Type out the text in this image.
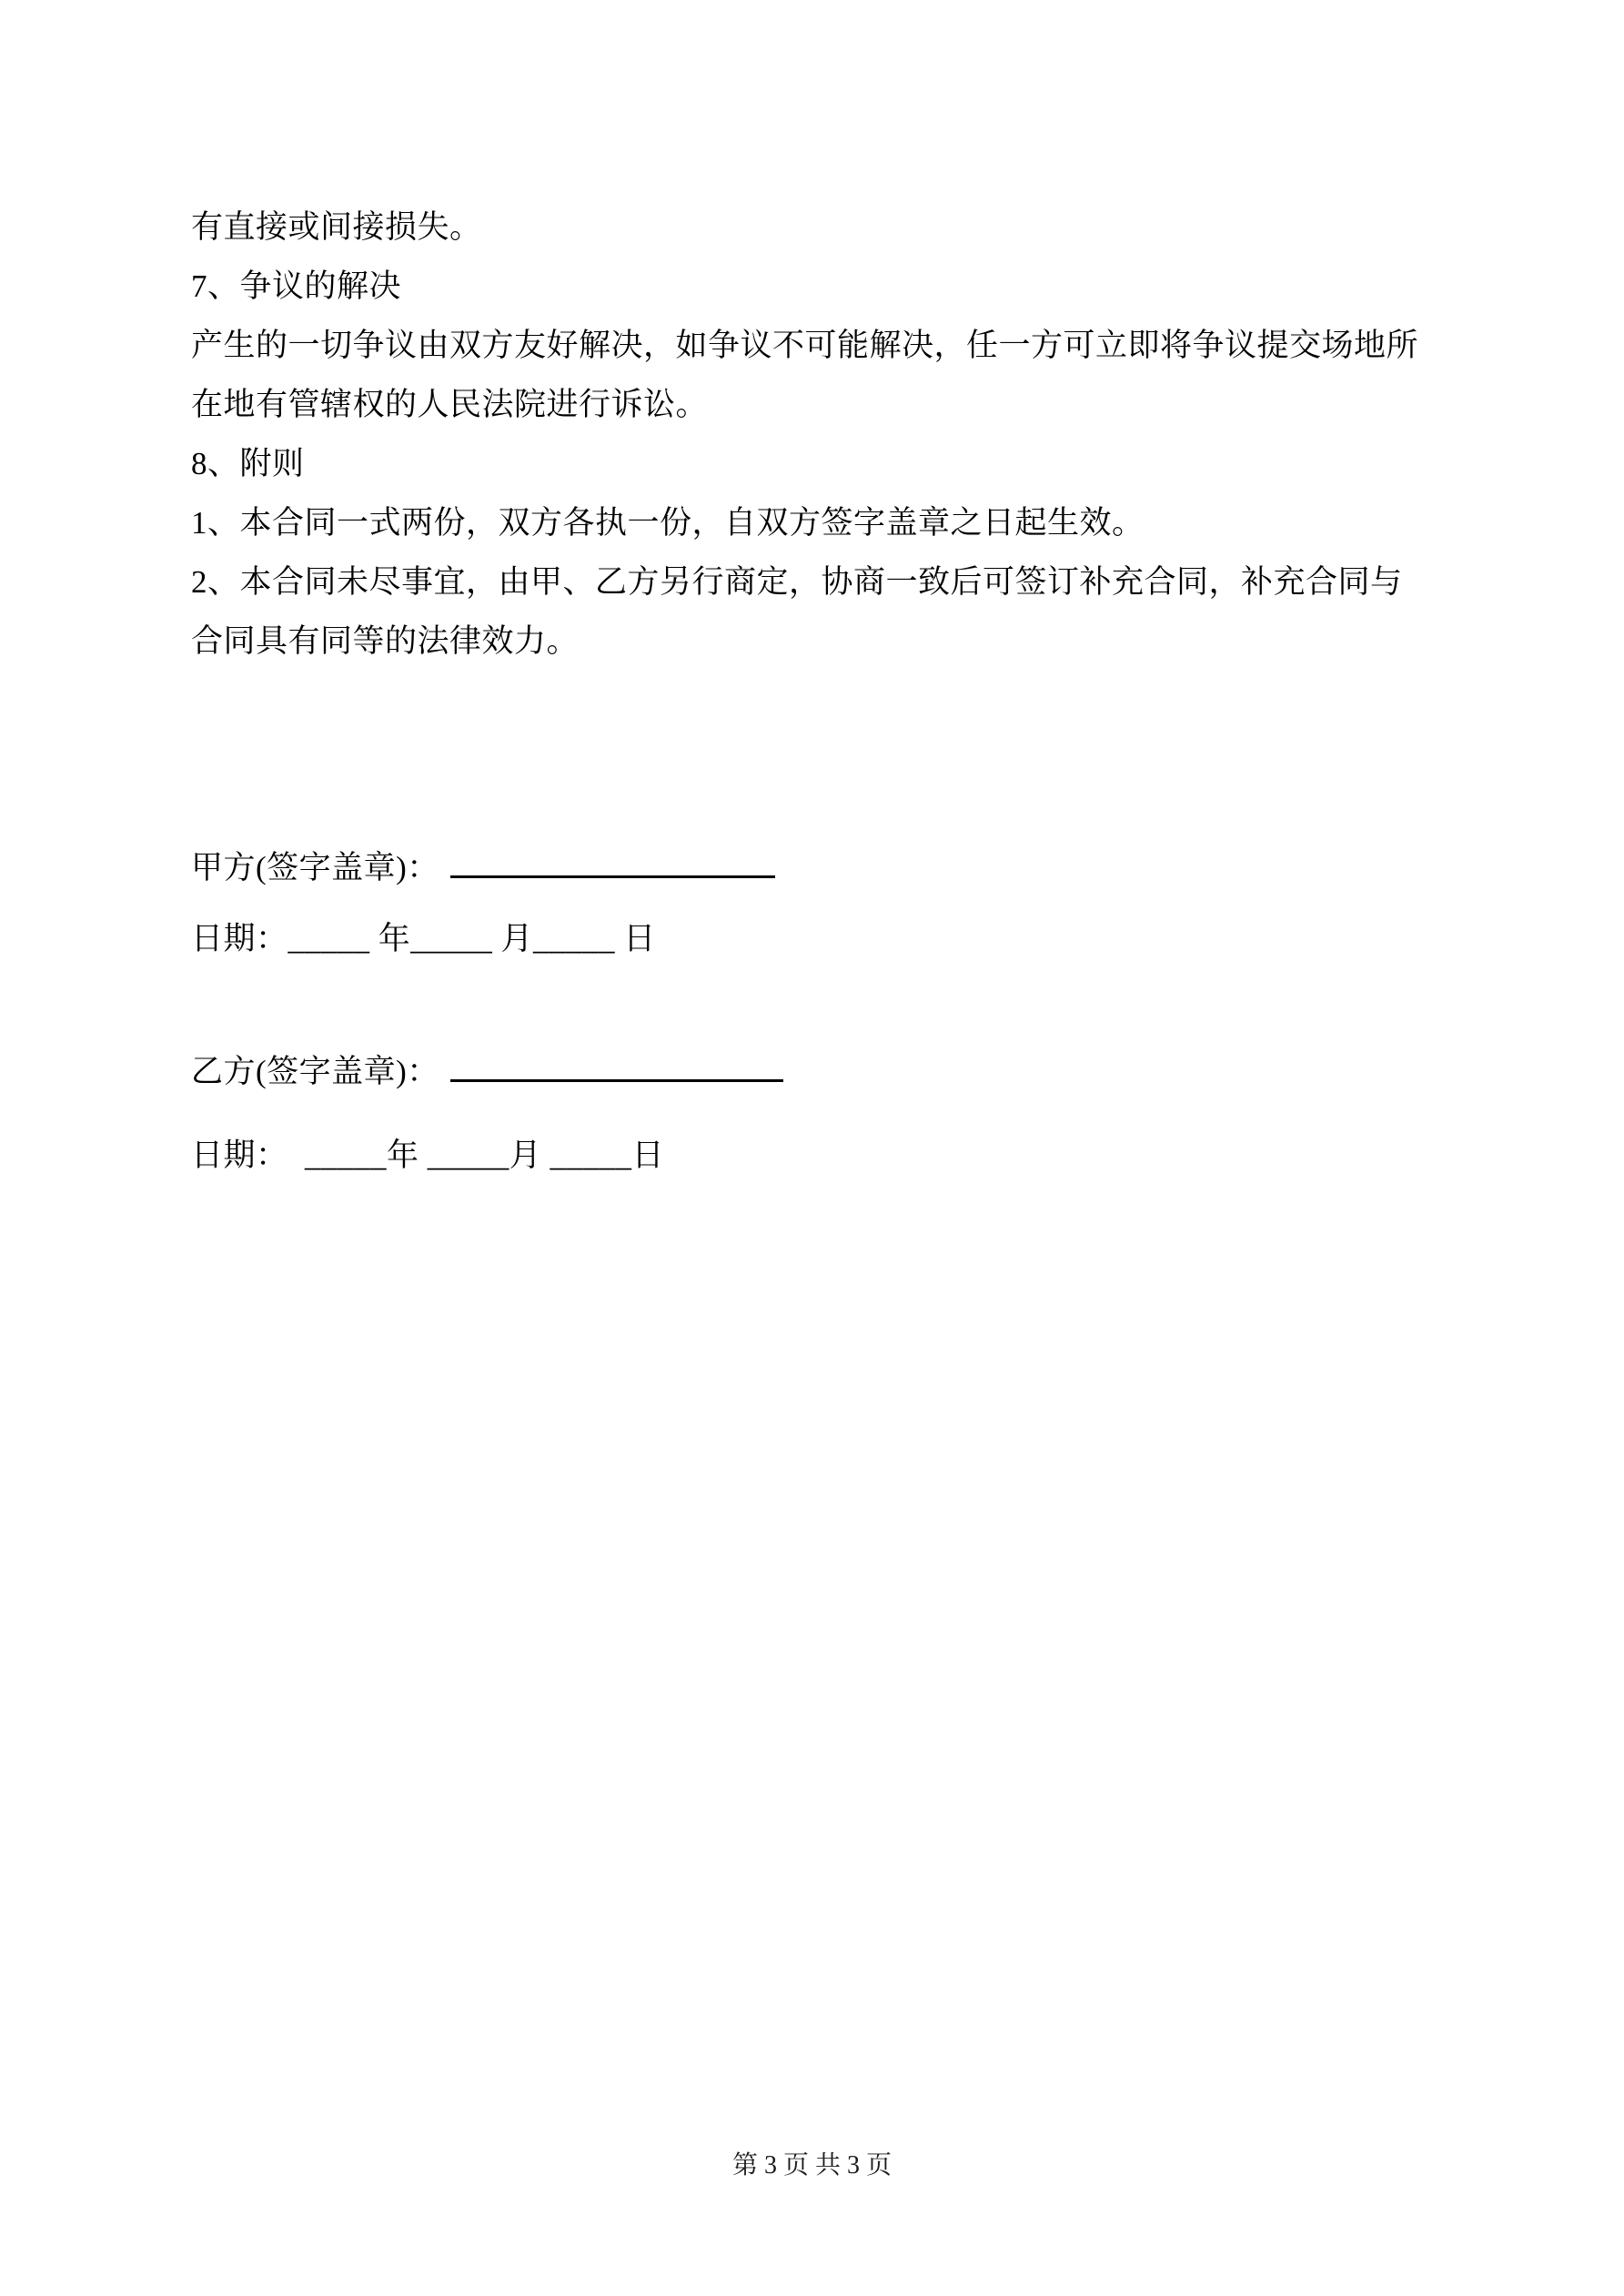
有直接或间接损失。
7、争议的解决
产生的一切争议由双方友好解决，如争议不可能解决，任一方可立即将争议提交场地所
在地有管辖权的人民法院进行诉讼。
8、附则
1、本合同一式两份，双方各执一份，自双方签字盖章之日起生效。
2、本合同未尽事宜，由甲、乙方另行商定，协商一致后可签订补充合同，补充合同与
合同具有同等的法律效力。
甲方(签字盖章)：
日期：_____ 年_____ 月_____ 日
乙方(签字盖章)：
日期：  _____年 _____月 _____日
第 3 页 共 3 页
